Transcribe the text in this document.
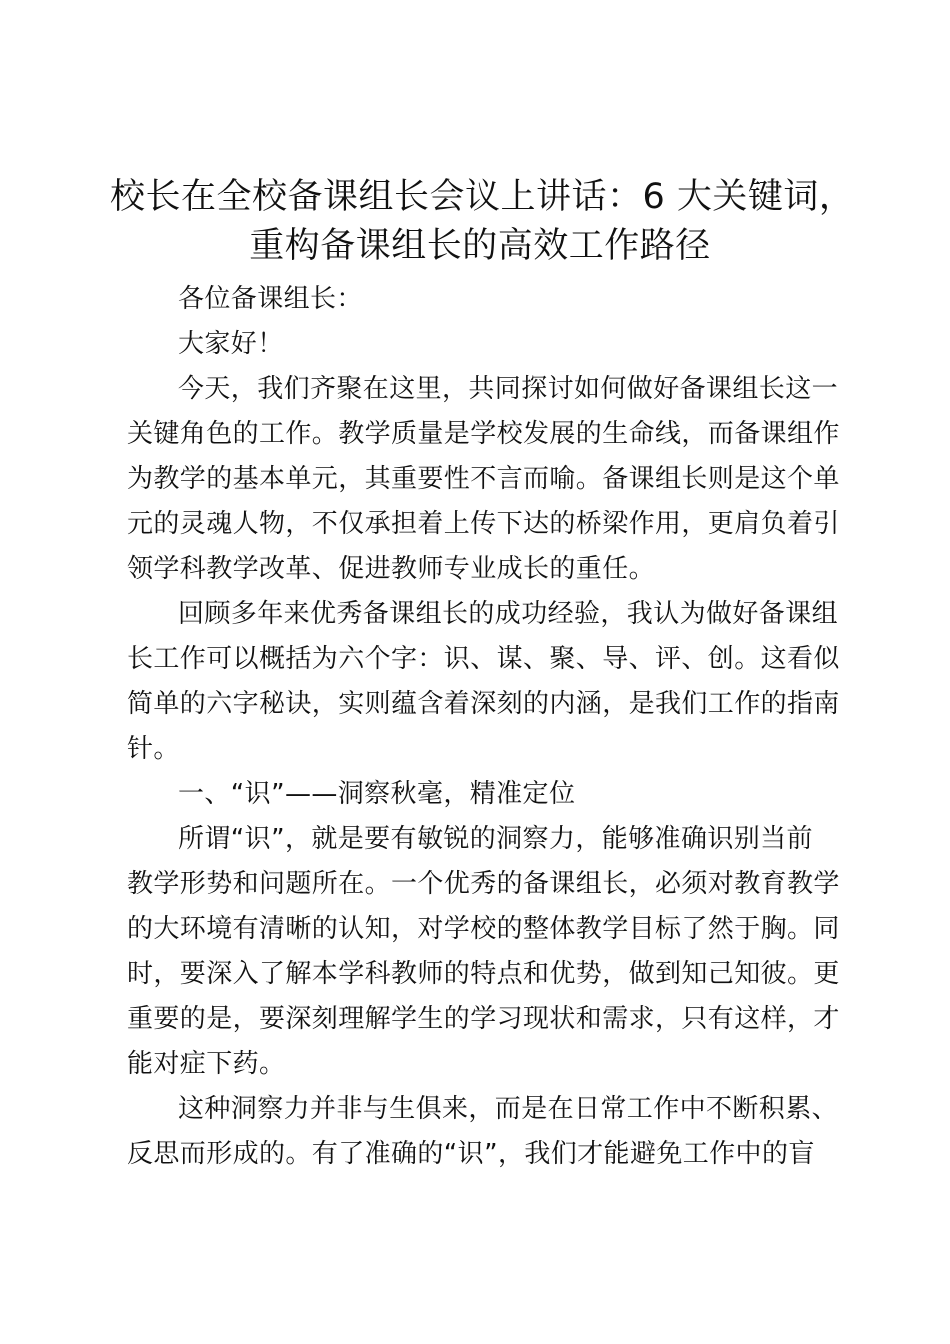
校长在全校备课组长会议上讲话：6 大关键词，
重构备课组长的高效工作路径

各位备课组长：

大家好！

今天，我们齐聚在这里，共同探讨如何做好备课组长这一

关键角色的工作。教学质量是学校发展的生命线，而备课组作

为教学的基本单元，其重要性不言而喻。备课组长则是这个单

元的灵魂人物，不仅承担着上传下达的桥梁作用，更肩负着引

领学科教学改革、促进教师专业成长的重任。

回顾多年来优秀备课组长的成功经验，我认为做好备课组

长工作可以概括为六个字：识、谋、聚、导、评、创。这看似

简单的六字秘诀，实则蕴含着深刻的内涵，是我们工作的指南

针。

一、“识”——洞察秋毫，精准定位

所谓“识”，就是要有敏锐的洞察力，能够准确识别当前

教学形势和问题所在。一个优秀的备课组长，必须对教育教学

的大环境有清晰的认知，对学校的整体教学目标了然于胸。同

时，要深入了解本学科教师的特点和优势，做到知己知彼。更

重要的是，要深刻理解学生的学习现状和需求，只有这样，才

能对症下药。

这种洞察力并非与生俱来，而是在日常工作中不断积累、

反思而形成的。有了准确的“识”，我们才能避免工作中的盲
